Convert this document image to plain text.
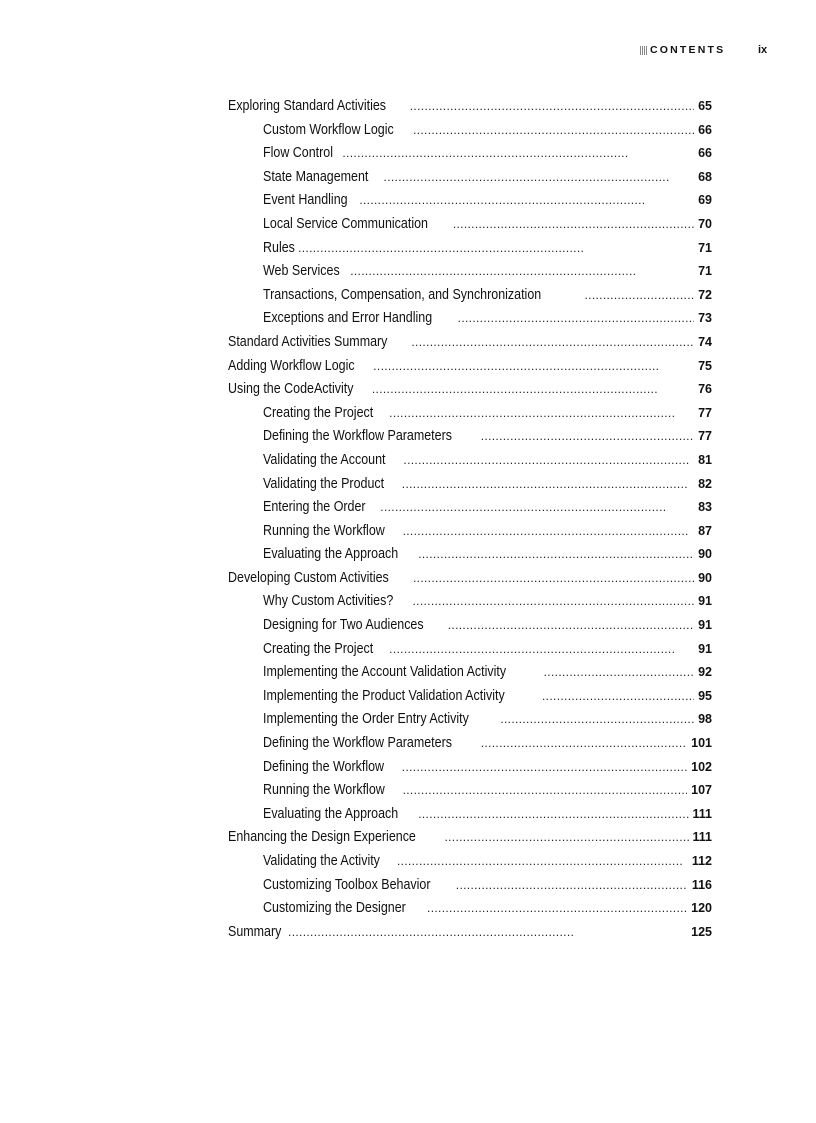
CONTENTS	ix
Exploring Standard Activities . . .	65
Custom Workflow Logic . . .	66
Flow Control . . .	66
State Management . . .	68
Event Handling . . .	69
Local Service Communication . . .	70
Rules . . .	71
Web Services . . .	71
Transactions, Compensation, and Synchronization . . .	72
Exceptions and Error Handling . . .	73
Standard Activities Summary . . .	74
Adding Workflow Logic . . .	75
Using the CodeActivity . . .	76
Creating the Project . . .	77
Defining the Workflow Parameters . . .	77
Validating the Account . . .	81
Validating the Product . . .	82
Entering the Order . . .	83
Running the Workflow . . .	87
Evaluating the Approach . . .	90
Developing Custom Activities . . .	90
Why Custom Activities? . . .	91
Designing for Two Audiences . . .	91
Creating the Project . . .	91
Implementing the Account Validation Activity . . .	92
Implementing the Product Validation Activity . . .	95
Implementing the Order Entry Activity . . .	98
Defining the Workflow Parameters . . .	101
Defining the Workflow . . .	102
Running the Workflow . . .	107
Evaluating the Approach . . .	111
Enhancing the Design Experience . . .	111
Validating the Activity . . .	112
Customizing Toolbox Behavior . . .	116
Customizing the Designer . . .	120
Summary . . .	125
